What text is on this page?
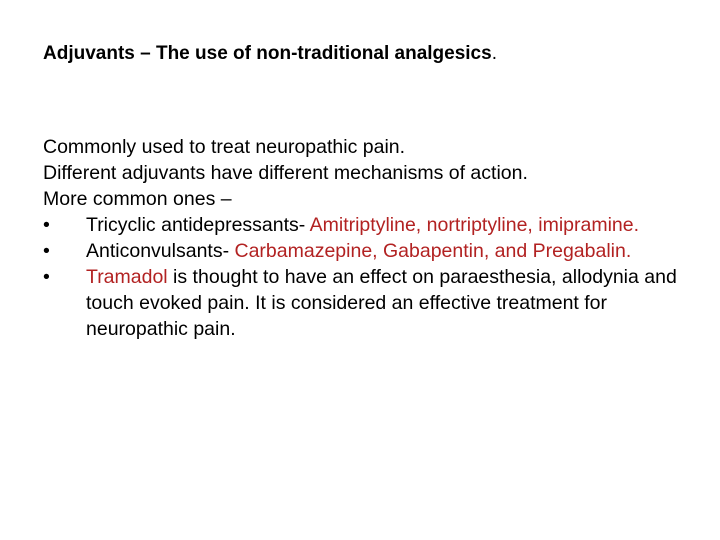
Adjuvants – The use of non-traditional analgesics.
Commonly used to treat neuropathic pain.
Different adjuvants have different mechanisms of action.
More common ones –
•	Tricyclic antidepressants- Amitriptyline, nortriptyline, imipramine.
•	Anticonvulsants- Carbamazepine, Gabapentin, and Pregabalin.
•	Tramadol is thought to have an effect on paraesthesia, allodynia and touch evoked pain. It is considered an effective treatment for neuropathic pain.
